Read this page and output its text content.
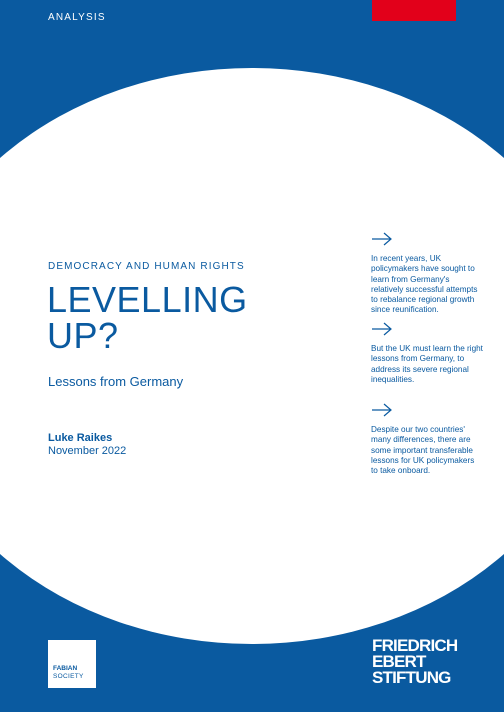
ANALYSIS
DEMOCRACY AND HUMAN RIGHTS
LEVELLING
UP?
Lessons from Germany
Luke Raikes
November 2022
In recent years, UK policymakers have sought to learn from Germany's relatively successful attempts to rebalance regional growth since reunification.
But the UK must learn the right lessons from Germany, to address its severe regional inequalities.
Despite our two countries' many differences, there are some important transferable lessons for UK policymakers to take onboard.
FABIAN
SOCIETY
FRIEDRICH
EBERT
STIFTUNG
